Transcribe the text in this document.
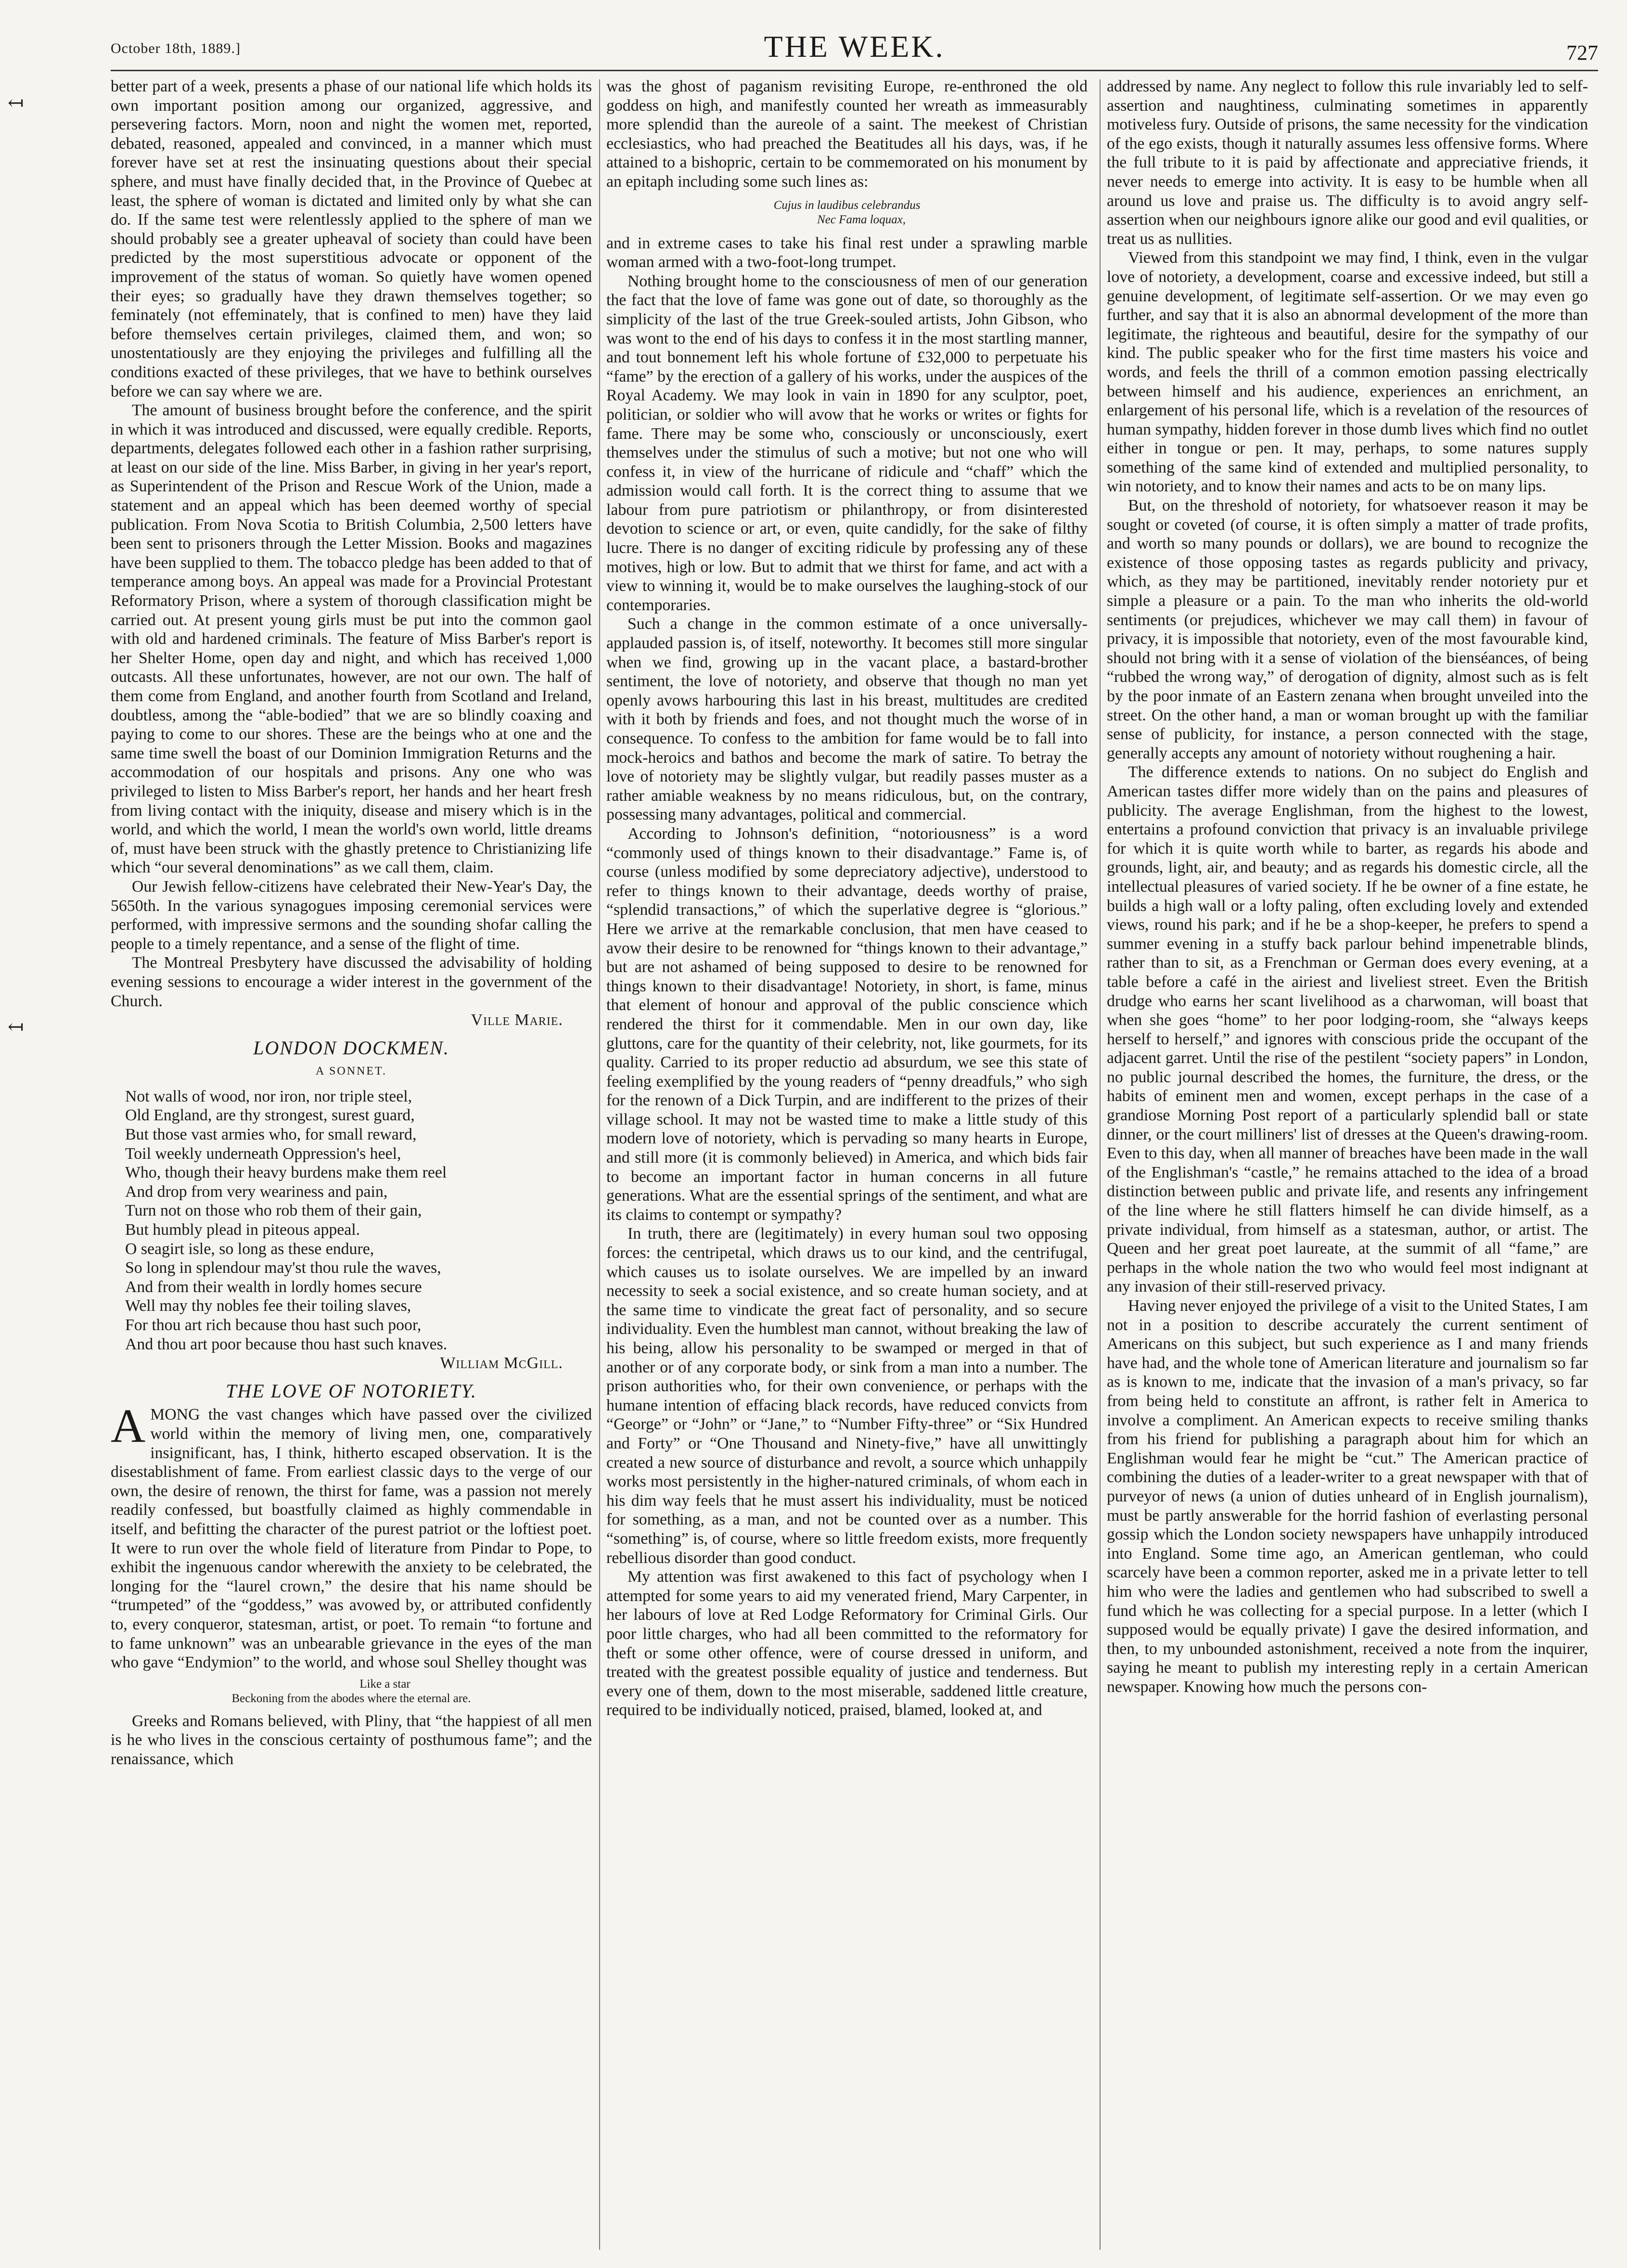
October 18th, 1889.]	THE WEEK.	727
↤
↤

better part of a week, presents a phase of our national life which holds its own important position among our organized, aggressive, and persevering factors. Morn, noon and night the women met, reported, debated, reasoned, appealed and convinced, in a manner which must forever have set at rest the insinuating questions about their special sphere, and must have finally decided that, in the Province of Quebec at least, the sphere of woman is dictated and limited only by what she can do. If the same test were relentlessly applied to the sphere of man we should probably see a greater upheaval of society than could have been predicted by the most superstitious advocate or opponent of the improvement of the status of woman. So quietly have women opened their eyes; so gradually have they drawn themselves together; so feminately (not effeminately, that is confined to men) have they laid before themselves certain privileges, claimed them, and won; so unostentatiously are they enjoying the privileges and fulfilling all the conditions exacted of these privileges, that we have to bethink ourselves before we can say where we are.

The amount of business brought before the conference, and the spirit in which it was introduced and discussed, were equally credible. Reports, departments, delegates followed each other in a fashion rather surprising, at least on our side of the line. Miss Barber, in giving in her year's report, as Superintendent of the Prison and Rescue Work of the Union, made a statement and an appeal which has been deemed worthy of special publication. From Nova Scotia to British Columbia, 2,500 letters have been sent to prisoners through the Letter Mission. Books and magazines have been supplied to them. The tobacco pledge has been added to that of temperance among boys. An appeal was made for a Provincial Protestant Reformatory Prison, where a system of thorough classification might be carried out. At present young girls must be put into the common gaol with old and hardened criminals. The feature of Miss Barber's report is her Shelter Home, open day and night, and which has received 1,000 outcasts. All these unfortunates, however, are not our own. The half of them come from England, and another fourth from Scotland and Ireland, doubtless, among the “able-bodied” that we are so blindly coaxing and paying to come to our shores. These are the beings who at one and the same time swell the boast of our Dominion Immigration Returns and the accommodation of our hospitals and prisons. Any one who was privileged to listen to Miss Barber's report, her hands and her heart fresh from living contact with the iniquity, disease and misery which is in the world, and which the world, I mean the world's own world, little dreams of, must have been struck with the ghastly pretence to Christianizing life which “our several denominations” as we call them, claim.

Our Jewish fellow-citizens have celebrated their New-Year's Day, the 5650th. In the various synagogues imposing ceremonial services were performed, with impressive sermons and the sounding shofar calling the people to a timely repentance, and a sense of the flight of time.

The Montreal Presbytery have discussed the advisability of holding evening sessions to encourage a wider interest in the government of the Church.

Ville Marie.
LONDON DOCKMEN.
A SONNET.
Not walls of wood, nor iron, nor triple steel,
Old England, are thy strongest, surest guard,
But those vast armies who, for small reward,
Toil weekly underneath Oppression's heel,
Who, though their heavy burdens make them reel
And drop from very weariness and pain,
Turn not on those who rob them of their gain,
But humbly plead in piteous appeal.
O seagirt isle, so long as these endure,
So long in splendour may'st thou rule the waves,
And from their wealth in lordly homes secure
Well may thy nobles fee their toiling slaves,
For thou art rich because thou hast such poor,
And thou art poor because thou hast such knaves.
William McGill.
THE LOVE OF NOTORIETY.

AMONG the vast changes which have passed over the civilized world within the memory of living men, one, comparatively insignificant, has, I think, hitherto escaped observation. It is the disestablishment of fame. From earliest classic days to the verge of our own, the desire of renown, the thirst for fame, was a passion not merely readily confessed, but boastfully claimed as highly commendable in itself, and befitting the character of the purest patriot or the loftiest poet. It were to run over the whole field of literature from Pindar to Pope, to exhibit the ingenuous candor wherewith the anxiety to be celebrated, the longing for the “laurel crown,” the desire that his name should be “trumpeted” of the “goddess,” was avowed by, or attributed confidently to, every conqueror, statesman, artist, or poet. To remain “to fortune and to fame unknown” was an unbearable grievance in the eyes of the man who gave “Endymion” to the world, and whose soul Shelley thought was

Like a star
Beckoning from the abodes where the eternal are.

Greeks and Romans believed, with Pliny, that “the happiest of all men is he who lives in the conscious certainty of posthumous fame”; and the renaissance, which

was the ghost of paganism revisiting Europe, re-enthroned the old goddess on high, and manifestly counted her wreath as immeasurably more splendid than the aureole of a saint. The meekest of Christian ecclesiastics, who had preached the Beatitudes all his days, was, if he attained to a bishopric, certain to be commemorated on his monument by an epitaph including some such lines as:

Cujus in laudibus celebrandus
Nec Fama loquax,

and in extreme cases to take his final rest under a sprawling marble woman armed with a two-foot-long trumpet.

Nothing brought home to the consciousness of men of our generation the fact that the love of fame was gone out of date, so thoroughly as the simplicity of the last of the true Greek-souled artists, John Gibson, who was wont to the end of his days to confess it in the most startling manner, and tout bonnement left his whole fortune of £32,000 to perpetuate his “fame” by the erection of a gallery of his works, under the auspices of the Royal Academy. We may look in vain in 1890 for any sculptor, poet, politician, or soldier who will avow that he works or writes or fights for fame. There may be some who, consciously or unconsciously, exert themselves under the stimulus of such a motive; but not one who will confess it, in view of the hurricane of ridicule and “chaff” which the admission would call forth. It is the correct thing to assume that we labour from pure patriotism or philanthropy, or from disinterested devotion to science or art, or even, quite candidly, for the sake of filthy lucre. There is no danger of exciting ridicule by professing any of these motives, high or low. But to admit that we thirst for fame, and act with a view to winning it, would be to make ourselves the laughing-stock of our contemporaries.

Such a change in the common estimate of a once universally-applauded passion is, of itself, noteworthy. It becomes still more singular when we find, growing up in the vacant place, a bastard-brother sentiment, the love of notoriety, and observe that though no man yet openly avows harbouring this last in his breast, multitudes are credited with it both by friends and foes, and not thought much the worse of in consequence. To confess to the ambition for fame would be to fall into mock-heroics and bathos and become the mark of satire. To betray the love of notoriety may be slightly vulgar, but readily passes muster as a rather amiable weakness by no means ridiculous, but, on the contrary, possessing many advantages, political and commercial.

According to Johnson's definition, “notoriousness” is a word “commonly used of things known to their disadvantage.” Fame is, of course (unless modified by some depreciatory adjective), understood to refer to things known to their advantage, deeds worthy of praise, “splendid transactions,” of which the superlative degree is “glorious.” Here we arrive at the remarkable conclusion, that men have ceased to avow their desire to be renowned for “things known to their advantage,” but are not ashamed of being supposed to desire to be renowned for things known to their disadvantage! Notoriety, in short, is fame, minus that element of honour and approval of the public conscience which rendered the thirst for it commendable. Men in our own day, like gluttons, care for the quantity of their celebrity, not, like gourmets, for its quality. Carried to its proper reductio ad absurdum, we see this state of feeling exemplified by the young readers of “penny dreadfuls,” who sigh for the renown of a Dick Turpin, and are indifferent to the prizes of their village school. It may not be wasted time to make a little study of this modern love of notoriety, which is pervading so many hearts in Europe, and still more (it is commonly believed) in America, and which bids fair to become an important factor in human concerns in all future generations. What are the essential springs of the sentiment, and what are its claims to contempt or sympathy?

In truth, there are (legitimately) in every human soul two opposing forces: the centripetal, which draws us to our kind, and the centrifugal, which causes us to isolate ourselves. We are impelled by an inward necessity to seek a social existence, and so create human society, and at the same time to vindicate the great fact of personality, and so secure individuality. Even the humblest man cannot, without breaking the law of his being, allow his personality to be swamped or merged in that of another or of any corporate body, or sink from a man into a number. The prison authorities who, for their own convenience, or perhaps with the humane intention of effacing black records, have reduced convicts from “George” or “John” or “Jane,” to “Number Fifty-three” or “Six Hundred and Forty” or “One Thousand and Ninety-five,” have all unwittingly created a new source of disturbance and revolt, a source which unhappily works most persistently in the higher-natured criminals, of whom each in his dim way feels that he must assert his individuality, must be noticed for something, as a man, and not be counted over as a number. This “something” is, of course, where so little freedom exists, more frequently rebellious disorder than good conduct.

My attention was first awakened to this fact of psychology when I attempted for some years to aid my venerated friend, Mary Carpenter, in her labours of love at Red Lodge Reformatory for Criminal Girls. Our poor little charges, who had all been committed to the reformatory for theft or some other offence, were of course dressed in uniform, and treated with the greatest possible equality of justice and tenderness. But every one of them, down to the most miserable, saddened little creature, required to be individually noticed, praised, blamed, looked at, and

addressed by name. Any neglect to follow this rule invariably led to self-assertion and naughtiness, culminating sometimes in apparently motiveless fury. Outside of prisons, the same necessity for the vindication of the ego exists, though it naturally assumes less offensive forms. Where the full tribute to it is paid by affectionate and appreciative friends, it never needs to emerge into activity. It is easy to be humble when all around us love and praise us. The difficulty is to avoid angry self-assertion when our neighbours ignore alike our good and evil qualities, or treat us as nullities.

Viewed from this standpoint we may find, I think, even in the vulgar love of notoriety, a development, coarse and excessive indeed, but still a genuine development, of legitimate self-assertion. Or we may even go further, and say that it is also an abnormal development of the more than legitimate, the righteous and beautiful, desire for the sympathy of our kind. The public speaker who for the first time masters his voice and words, and feels the thrill of a common emotion passing electrically between himself and his audience, experiences an enrichment, an enlargement of his personal life, which is a revelation of the resources of human sympathy, hidden forever in those dumb lives which find no outlet either in tongue or pen. It may, perhaps, to some natures supply something of the same kind of extended and multiplied personality, to win notoriety, and to know their names and acts to be on many lips.

But, on the threshold of notoriety, for whatsoever reason it may be sought or coveted (of course, it is often simply a matter of trade profits, and worth so many pounds or dollars), we are bound to recognize the existence of those opposing tastes as regards publicity and privacy, which, as they may be partitioned, inevitably render notoriety pur et simple a pleasure or a pain. To the man who inherits the old-world sentiments (or prejudices, whichever we may call them) in favour of privacy, it is impossible that notoriety, even of the most favourable kind, should not bring with it a sense of violation of the bienséances, of being “rubbed the wrong way,” of derogation of dignity, almost such as is felt by the poor inmate of an Eastern zenana when brought unveiled into the street. On the other hand, a man or woman brought up with the familiar sense of publicity, for instance, a person connected with the stage, generally accepts any amount of notoriety without roughening a hair.

The difference extends to nations. On no subject do English and American tastes differ more widely than on the pains and pleasures of publicity. The average Englishman, from the highest to the lowest, entertains a profound conviction that privacy is an invaluable privilege for which it is quite worth while to barter, as regards his abode and grounds, light, air, and beauty; and as regards his domestic circle, all the intellectual pleasures of varied society. If he be owner of a fine estate, he builds a high wall or a lofty paling, often excluding lovely and extended views, round his park; and if he be a shop-keeper, he prefers to spend a summer evening in a stuffy back parlour behind impenetrable blinds, rather than to sit, as a Frenchman or German does every evening, at a table before a café in the airiest and liveliest street. Even the British drudge who earns her scant livelihood as a charwoman, will boast that when she goes “home” to her poor lodging-room, she “always keeps herself to herself,” and ignores with conscious pride the occupant of the adjacent garret. Until the rise of the pestilent “society papers” in London, no public journal described the homes, the furniture, the dress, or the habits of eminent men and women, except perhaps in the case of a grandiose Morning Post report of a particularly splendid ball or state dinner, or the court milliners' list of dresses at the Queen's drawing-room. Even to this day, when all manner of breaches have been made in the wall of the Englishman's “castle,” he remains attached to the idea of a broad distinction between public and private life, and resents any infringement of the line where he still flatters himself he can divide himself, as a private individual, from himself as a statesman, author, or artist. The Queen and her great poet laureate, at the summit of all “fame,” are perhaps in the whole nation the two who would feel most indignant at any invasion of their still-reserved privacy.

Having never enjoyed the privilege of a visit to the United States, I am not in a position to describe accurately the current sentiment of Americans on this subject, but such experience as I and many friends have had, and the whole tone of American literature and journalism so far as is known to me, indicate that the invasion of a man's privacy, so far from being held to constitute an affront, is rather felt in America to involve a compliment. An American expects to receive smiling thanks from his friend for publishing a paragraph about him for which an Englishman would fear he might be “cut.” The American practice of combining the duties of a leader-writer to a great newspaper with that of purveyor of news (a union of duties unheard of in English journalism), must be partly answerable for the horrid fashion of everlasting personal gossip which the London society newspapers have unhappily introduced into England. Some time ago, an American gentleman, who could scarcely have been a common reporter, asked me in a private letter to tell him who were the ladies and gentlemen who had subscribed to swell a fund which he was collecting for a special purpose. In a letter (which I supposed would be equally private) I gave the desired information, and then, to my unbounded astonishment, received a note from the inquirer, saying he meant to publish my interesting reply in a certain American newspaper. Knowing how much the persons con-
